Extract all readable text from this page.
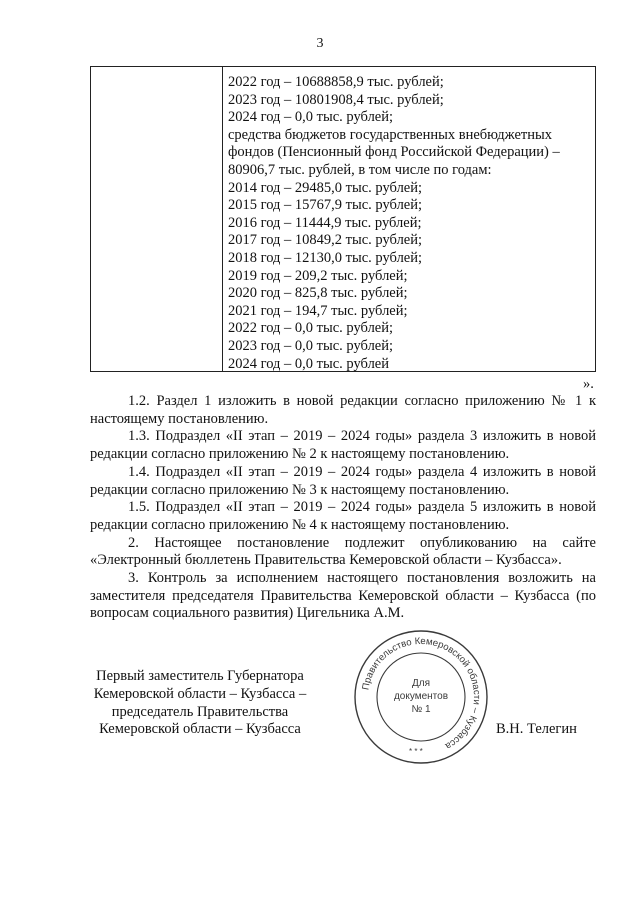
3
2022 год – 10688858,9 тыс. рублей;
2023 год – 10801908,4 тыс. рублей;
2024 год – 0,0 тыс. рублей;
средства бюджетов государственных внебюджетных
фондов (Пенсионный фонд Российской Федерации) –
80906,7 тыс. рублей, в том числе по годам:
2014 год – 29485,0 тыс. рублей;
2015 год – 15767,9 тыс. рублей;
2016 год – 11444,9 тыс. рублей;
2017 год – 10849,2 тыс. рублей;
2018 год – 12130,0 тыс. рублей;
2019 год – 209,2 тыс. рублей;
2020 год – 825,8 тыс. рублей;
2021 год – 194,7 тыс. рублей;
2022 год – 0,0 тыс. рублей;
2023 год – 0,0 тыс. рублей;
2024 год – 0,0 тыс. рублей
».

1.2. Раздел 1 изложить в новой редакции согласно приложению № 1 к настоящему постановлению.

1.3. Подраздел «II этап – 2019 – 2024 годы» раздела 3 изложить в новой редакции согласно приложению № 2 к настоящему постановлению.

1.4. Подраздел «II этап – 2019 – 2024 годы» раздела 4 изложить в новой редакции согласно приложению № 3 к настоящему постановлению.

1.5. Подраздел «II этап – 2019 – 2024 годы» раздела 5 изложить в новой редакции согласно приложению № 4 к настоящему постановлению.

2. Настоящее постановление подлежит опубликованию на сайте «Электронный бюллетень Правительства Кемеровской области – Кузбасса».

3. Контроль за исполнением настоящего постановления возложить на заместителя председателя Правительства Кемеровской области – Кузбасса (по вопросам социального развития) Цигельника А.М.

Первый заместитель Губернатора
Кемеровской области – Кузбасса –
председатель Правительства
Кемеровской области – Кузбасса
Правительство Кемеровской области – Кузбасса
* * *
Для
документов
№ 1
В.Н. Телегин
